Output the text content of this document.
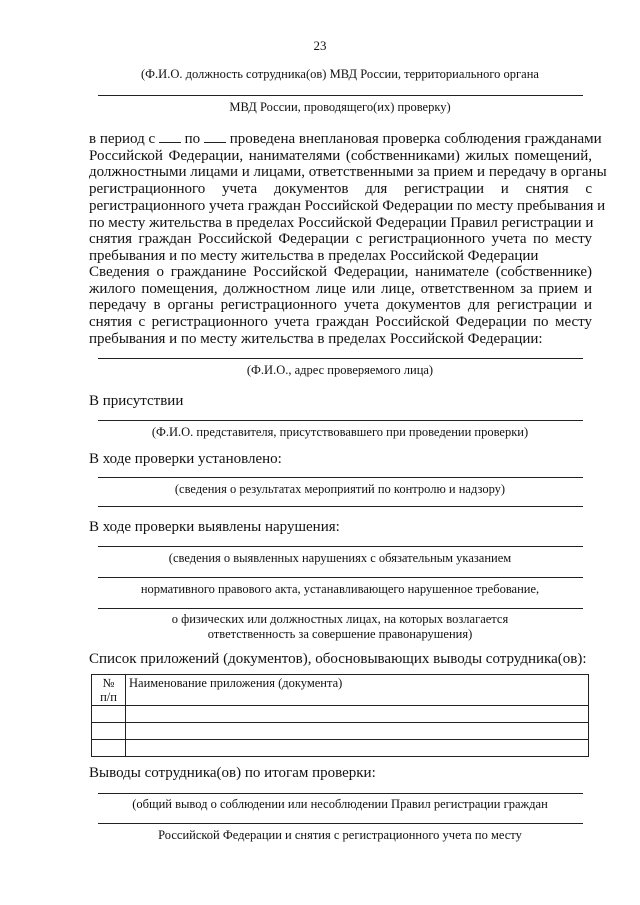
23
(Ф.И.О. должность сотрудника(ов) МВД России, территориального органа
МВД России, проводящего(их) проверку)
в период с по проведена внеплановая проверка соблюдения гражданами
Российской Федерации, нанимателями (собственниками) жилых помещений,
должностными лицами и лицами, ответственными за прием и передачу в органы
регистрационного учета документов для регистрации и снятия с
регистрационного учета граждан Российской Федерации по месту пребывания и
по месту жительства в пределах Российской Федерации Правил регистрации и
снятия граждан Российской Федерации с регистрационного учета по месту
пребывания и по месту жительства в пределах Российской Федерации
Сведения о гражданине Российской Федерации, нанимателе (собственнике)
жилого помещения, должностном лице или лице, ответственном за прием и
передачу в органы регистрационного учета документов для регистрации и
снятия с регистрационного учета граждан Российской Федерации по месту
пребывания и по месту жительства в пределах Российской Федерации:
(Ф.И.О., адрес проверяемого лица)
В присутствии
(Ф.И.О. представителя, присутствовавшего при проведении проверки)
В ходе проверки установлено:
(сведения о результатах мероприятий по контролю и надзору)
В ходе проверки выявлены нарушения:
(сведения о выявленных нарушениях с обязательным указанием
нормативного правового акта, устанавливающего нарушенное требование,
о физических или должностных лицах, на которых возлагается
ответственность за совершение правонарушения)
Список приложений (документов), обосновывающих выводы сотрудника(ов):
№
п/п	Наименование приложения (документа)

Выводы сотрудника(ов) по итогам проверки:
(общий вывод о соблюдении или несоблюдении Правил регистрации граждан
Российской Федерации и снятия с регистрационного учета по месту
